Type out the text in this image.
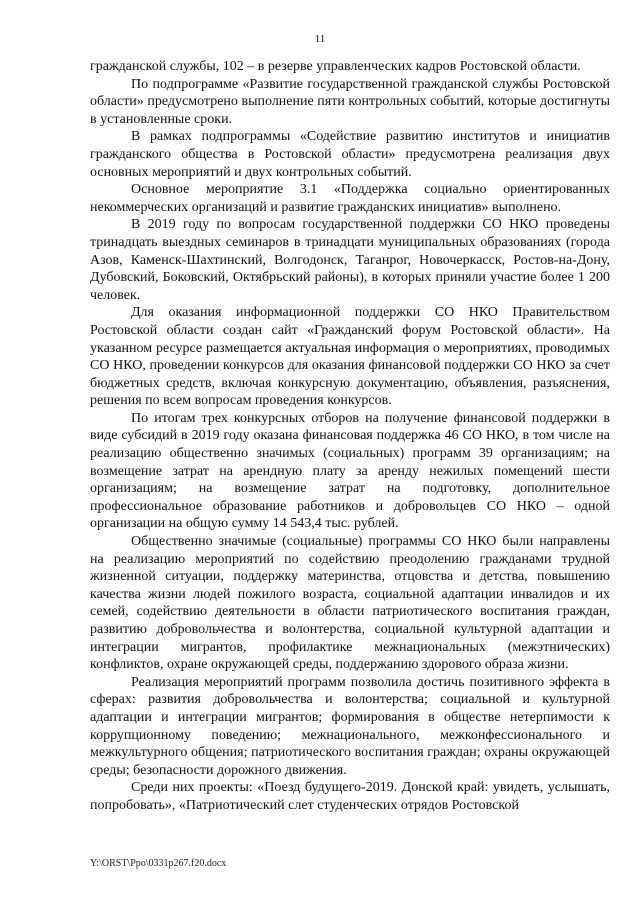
11

гражданской службы, 102 – в резерве управленческих кадров Ростовской области.

По подпрограмме «Развитие государственной гражданской службы Ростовской области» предусмотрено выполнение пяти контрольных событий, которые достигнуты в установленные сроки.

В рамках подпрограммы «Содействие развитию институтов и инициатив гражданского общества в Ростовской области» предусмотрена реализация двух основных мероприятий и двух контрольных событий.

Основное мероприятие 3.1 «Поддержка социально ориентированных некоммерческих организаций и развитие гражданских инициатив» выполнено.

В 2019 году по вопросам государственной поддержки СО НКО проведены тринадцать выездных семинаров в тринадцати муниципальных образованиях (города Азов, Каменск-Шахтинский, Волгодонск, Таганрог, Новочеркасск, Ростов-на-Дону, Дубовский, Боковский, Октябрьский районы), в которых приняли участие более 1 200 человек.

Для оказания информационной поддержки СО НКО Правительством Ростовской области создан сайт «Гражданский форум Ростовской области». На указанном ресурсе размещается актуальная информация о мероприятиях, проводимых СО НКО, проведении конкурсов для оказания финансовой поддержки СО НКО за счет бюджетных средств, включая конкурсную документацию, объявления, разъяснения, решения по всем вопросам проведения конкурсов.

По итогам трех конкурсных отборов на получение финансовой поддержки в виде субсидий в 2019 году оказана финансовая поддержка 46 СО НКО, в том числе на реализацию общественно значимых (социальных) программ 39 организациям; на возмещение затрат на арендную плату за аренду нежилых помещений шести организациям; на возмещение затрат на подготовку, дополнительное профессиональное образование работников и добровольцев СО НКО – одной организации на общую сумму 14 543,4 тыс. рублей.

Общественно значимые (социальные) программы СО НКО были направлены на реализацию мероприятий по содействию преодолению гражданами трудной жизненной ситуации, поддержку материнства, отцовства и детства, повышению качества жизни людей пожилого возраста, социальной адаптации инвалидов и их семей, содействию деятельности в области патриотического воспитания граждан, развитию добровольчества и волонтерства, социальной культурной адаптации и интеграции мигрантов, профилактике межнациональных (межэтнических) конфликтов, охране окружающей среды, поддержанию здорового образа жизни.

Реализация мероприятий программ позволила достичь позитивного эффекта в сферах: развития добровольчества и волонтерства; социальной и культурной адаптации и интеграции мигрантов; формирования в обществе нетерпимости к коррупционному поведению; межнационального, межконфессионального и межкультурного общения; патриотического воспитания граждан; охраны окружающей среды; безопасности дорожного движения.

Среди них проекты: «Поезд будущего-2019. Донской край: увидеть, услышать, попробовать», «Патриотический слет студенческих отрядов Ростовской

Y:\ORST\Ppo\0331p267.f20.docx
